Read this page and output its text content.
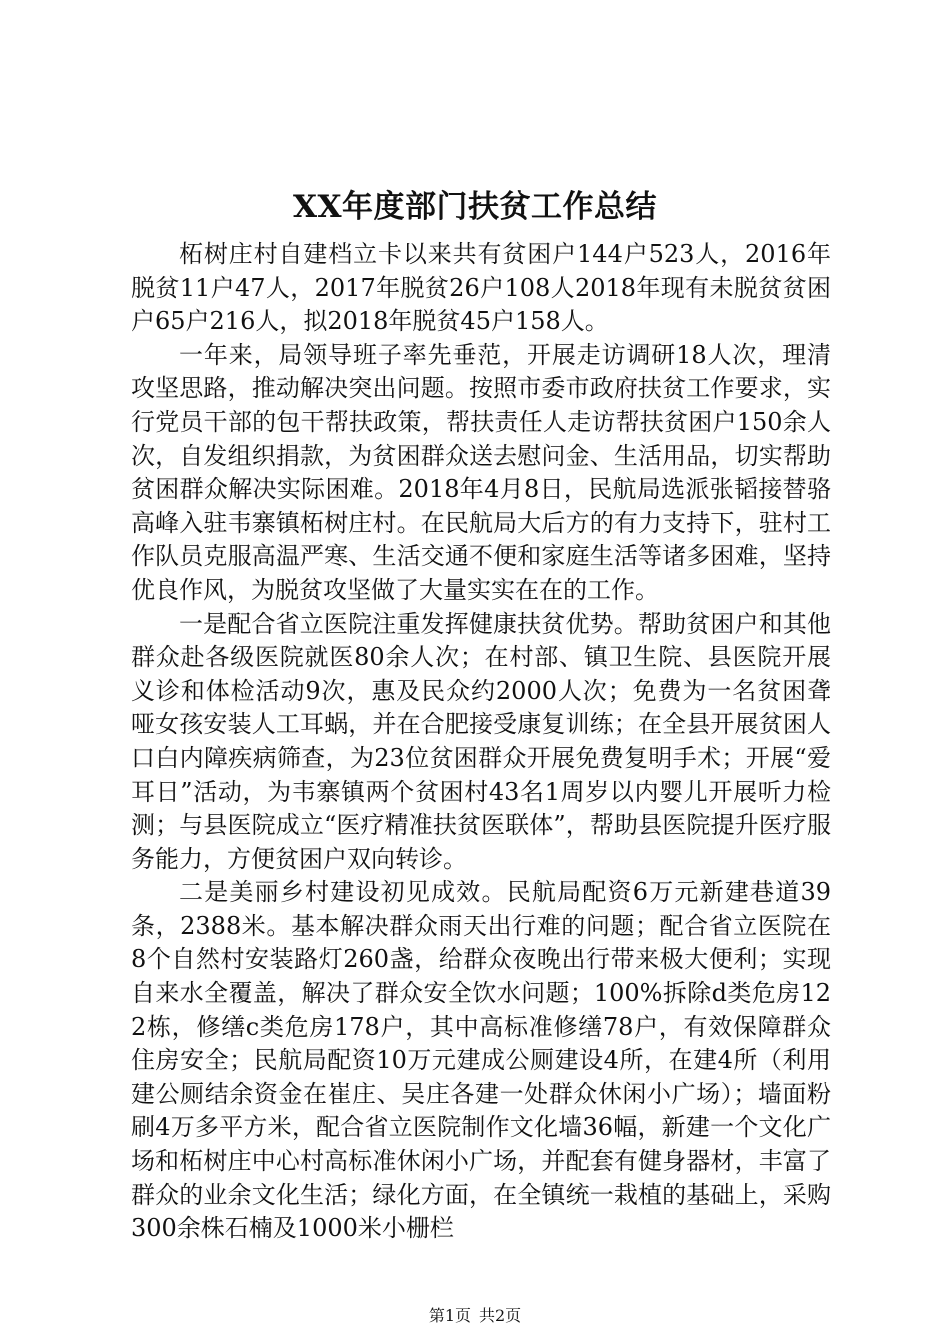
XX年度部门扶贫工作总结

柘树庄村自建档立卡以来共有贫困户144户523人，2016年脱贫11户47人，2017年脱贫26户108人2018年现有未脱贫贫困户65户216人，拟2018年脱贫45户158人。

一年来，局领导班子率先垂范，开展走访调研18人次，理清攻坚思路，推动解决突出问题。按照市委市政府扶贫工作要求，实行党员干部的包干帮扶政策，帮扶责任人走访帮扶贫困户150余人次，自发组织捐款，为贫困群众送去慰问金、生活用品，切实帮助贫困群众解决实际困难。2018年4月8日，民航局选派张韬接替骆高峰入驻韦寨镇柘树庄村。在民航局大后方的有力支持下，驻村工作队员克服高温严寒、生活交通不便和家庭生活等诸多困难，坚持优良作风，为脱贫攻坚做了大量实实在在的工作。

一是配合省立医院注重发挥健康扶贫优势。帮助贫困户和其他群众赴各级医院就医80余人次；在村部、镇卫生院、县医院开展义诊和体检活动9次，惠及民众约2000人次；免费为一名贫困聋哑女孩安装人工耳蜗，并在合肥接受康复训练；在全县开展贫困人口白内障疾病筛查，为23位贫困群众开展免费复明手术；开展“爱耳日”活动，为韦寨镇两个贫困村43名1周岁以内婴儿开展听力检测；与县医院成立“医疗精准扶贫医联体”，帮助县医院提升医疗服务能力，方便贫困户双向转诊。

二是美丽乡村建设初见成效。民航局配资6万元新建巷道39条，2388米。基本解决群众雨天出行难的问题；配合省立医院在8个自然村安装路灯260盏，给群众夜晚出行带来极大便利；实现自来水全覆盖，解决了群众安全饮水问题；100%拆除d类危房122栋，修缮c类危房178户，其中高标准修缮78户，有效保障群众住房安全；民航局配资10万元建成公厕建设4所，在建4所（利用建公厕结余资金在崔庄、吴庄各建一处群众休闲小广场）；墙面粉刷4万多平方米，配合省立医院制作文化墙36幅，新建一个文化广场和柘树庄中心村高标准休闲小广场，并配套有健身器材，丰富了群众的业余文化生活；绿化方面，在全镇统一栽植的基础上，采购300余株石楠及1000米小栅栏

第1页 共2页
